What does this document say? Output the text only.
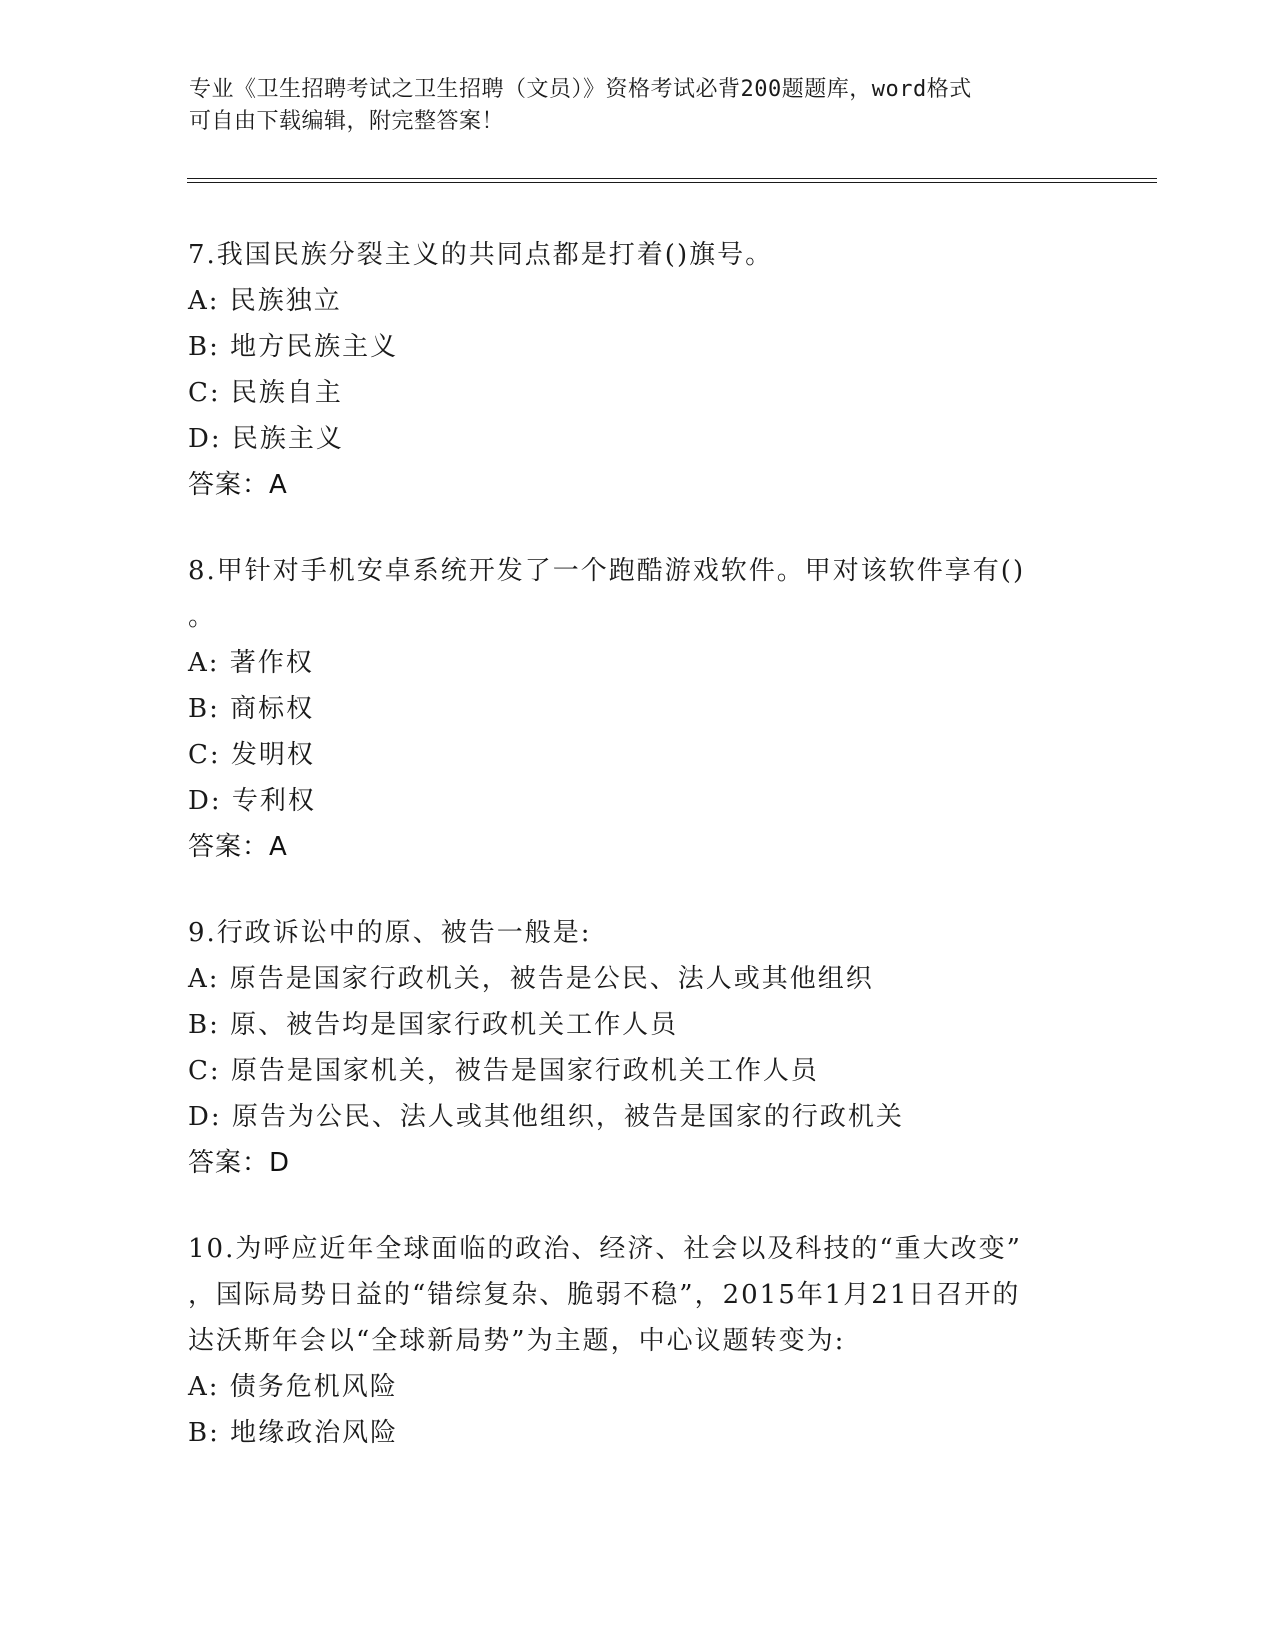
专业《卫生招聘考试之卫生招聘（文员）》资格考试必背200题题库，word格式
可自由下载编辑，附完整答案！
7.我国民族分裂主义的共同点都是打着()旗号。
A: 民族独立
B: 地方民族主义
C: 民族自主
D: 民族主义
答案：A
8.甲针对手机安卓系统开发了一个跑酷游戏软件。甲对该软件享有()
。
A: 著作权
B: 商标权
C: 发明权
D: 专利权
答案：A
9.行政诉讼中的原、被告一般是:
A: 原告是国家行政机关，被告是公民、法人或其他组织
B: 原、被告均是国家行政机关工作人员
C: 原告是国家机关，被告是国家行政机关工作人员
D: 原告为公民、法人或其他组织，被告是国家的行政机关
答案：D
10.为呼应近年全球面临的政治、经济、社会以及科技的“重大改变”
，国际局势日益的“错综复杂、脆弱不稳”，2015年1月21日召开的
达沃斯年会以“全球新局势”为主题，中心议题转变为:
A: 债务危机风险
B: 地缘政治风险
